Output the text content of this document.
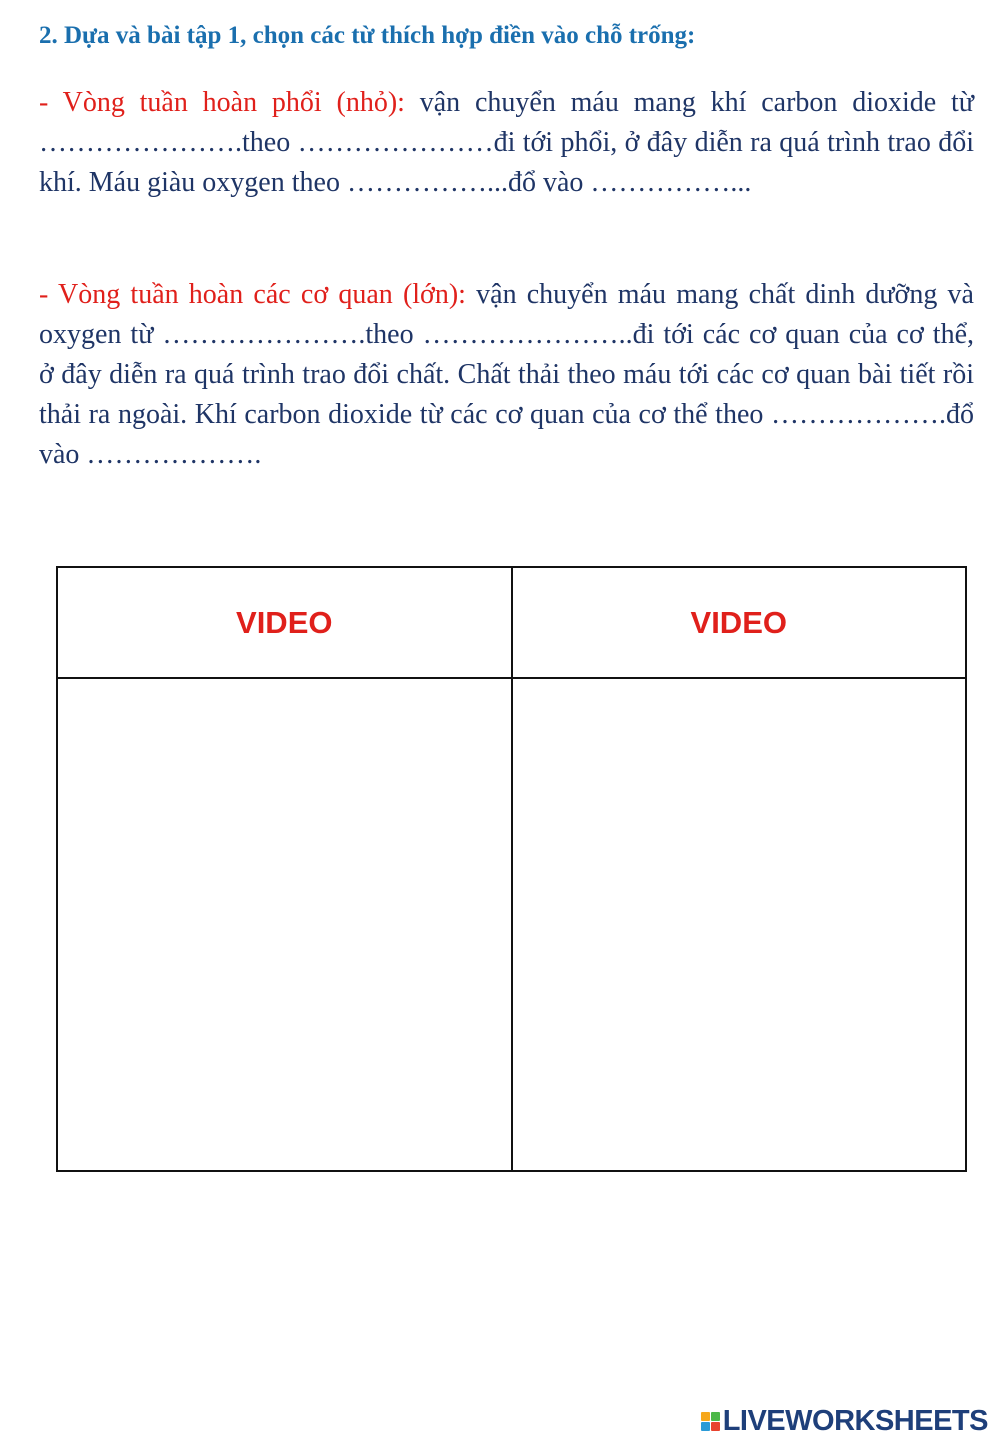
2. Dựa và bài tập 1, chọn các từ thích hợp điền vào chỗ trống:

- Vòng tuần hoàn phổi (nhỏ): vận chuyển máu mang khí carbon dioxide từ ………………….theo …………………đi tới phổi, ở đây diễn ra quá trình trao đổi khí. Máu giàu oxygen theo ……………...đổ vào ……………...

- Vòng tuần hoàn các cơ quan (lớn): vận chuyển máu mang chất dinh dưỡng và oxygen từ ………………….theo …………………..đi tới các cơ quan của cơ thể, ở đây diễn ra quá trình trao đổi chất. Chất thải theo máu tới các cơ quan bài tiết rồi thải ra ngoài. Khí carbon dioxide từ các cơ quan của cơ thể theo ……………….đổ vào ……………….

VIDEO	VIDEO

LIVEWORKSHEETS
